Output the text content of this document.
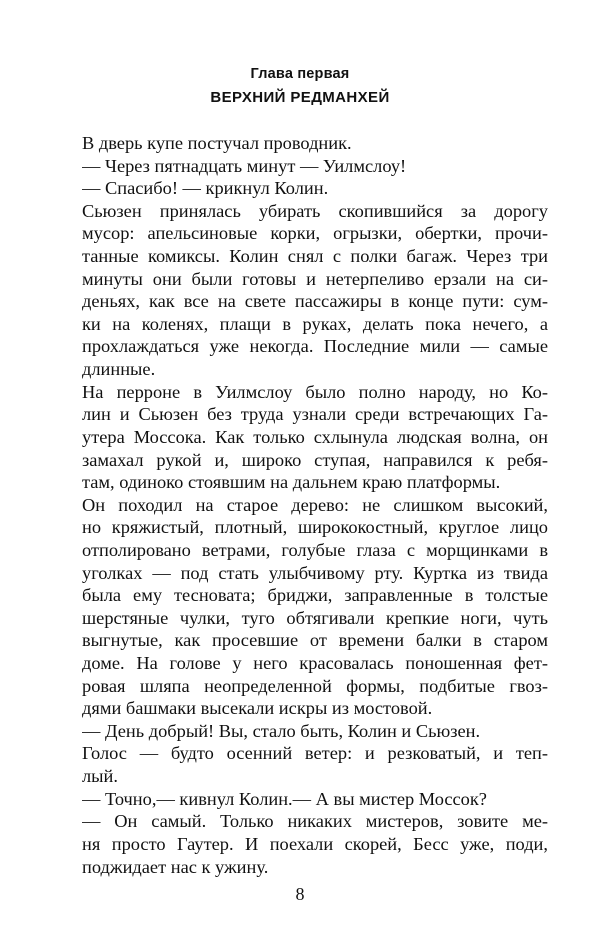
Глава первая
ВЕРХНИЙ РЕДМАНХЕЙ
В дверь купе постучал проводник.
— Через пятнадцать минут — Уилмслоу!
— Спасибо! — крикнул Колин.
Сьюзен принялась убирать скопившийся за дорогу
мусор: апельсиновые корки, огрызки, обертки, прочи-
танные комиксы. Колин снял с полки багаж. Через три
минуты они были готовы и нетерпеливо ерзали на си-
деньях, как все на свете пассажиры в конце пути: сум-
ки на коленях, плащи в руках, делать пока нечего, а
прохлаждаться уже некогда. Последние мили — самые
длинные.
На перроне в Уилмслоу было полно народу, но Ко-
лин и Сьюзен без труда узнали среди встречающих Га-
утера Моссока. Как только схлынула людская волна, он
замахал рукой и, широко ступая, направился к ребя-
там, одиноко стоявшим на дальнем краю платформы.
Он походил на старое дерево: не слишком высокий,
но кряжистый, плотный, ширококостный, круглое лицо
отполировано ветрами, голубые глаза с морщинками в
уголках — под стать улыбчивому рту. Куртка из твида
была ему тесновата; бриджи, заправленные в толстые
шерстяные чулки, туго обтягивали крепкие ноги, чуть
выгнутые, как просевшие от времени балки в старом
доме. На голове у него красовалась поношенная фет-
ровая шляпа неопределенной формы, подбитые гвоз-
дями башмаки высекали искры из мостовой.
— День добрый! Вы, стало быть, Колин и Сьюзен.
Голос — будто осенний ветер: и резковатый, и теп-
лый.
— Точно,— кивнул Колин.— А вы мистер Моссок?
— Он самый. Только никаких мистеров, зовите ме-
ня просто Гаутер. И поехали скорей, Бесс уже, поди,
поджидает нас к ужину.
8
